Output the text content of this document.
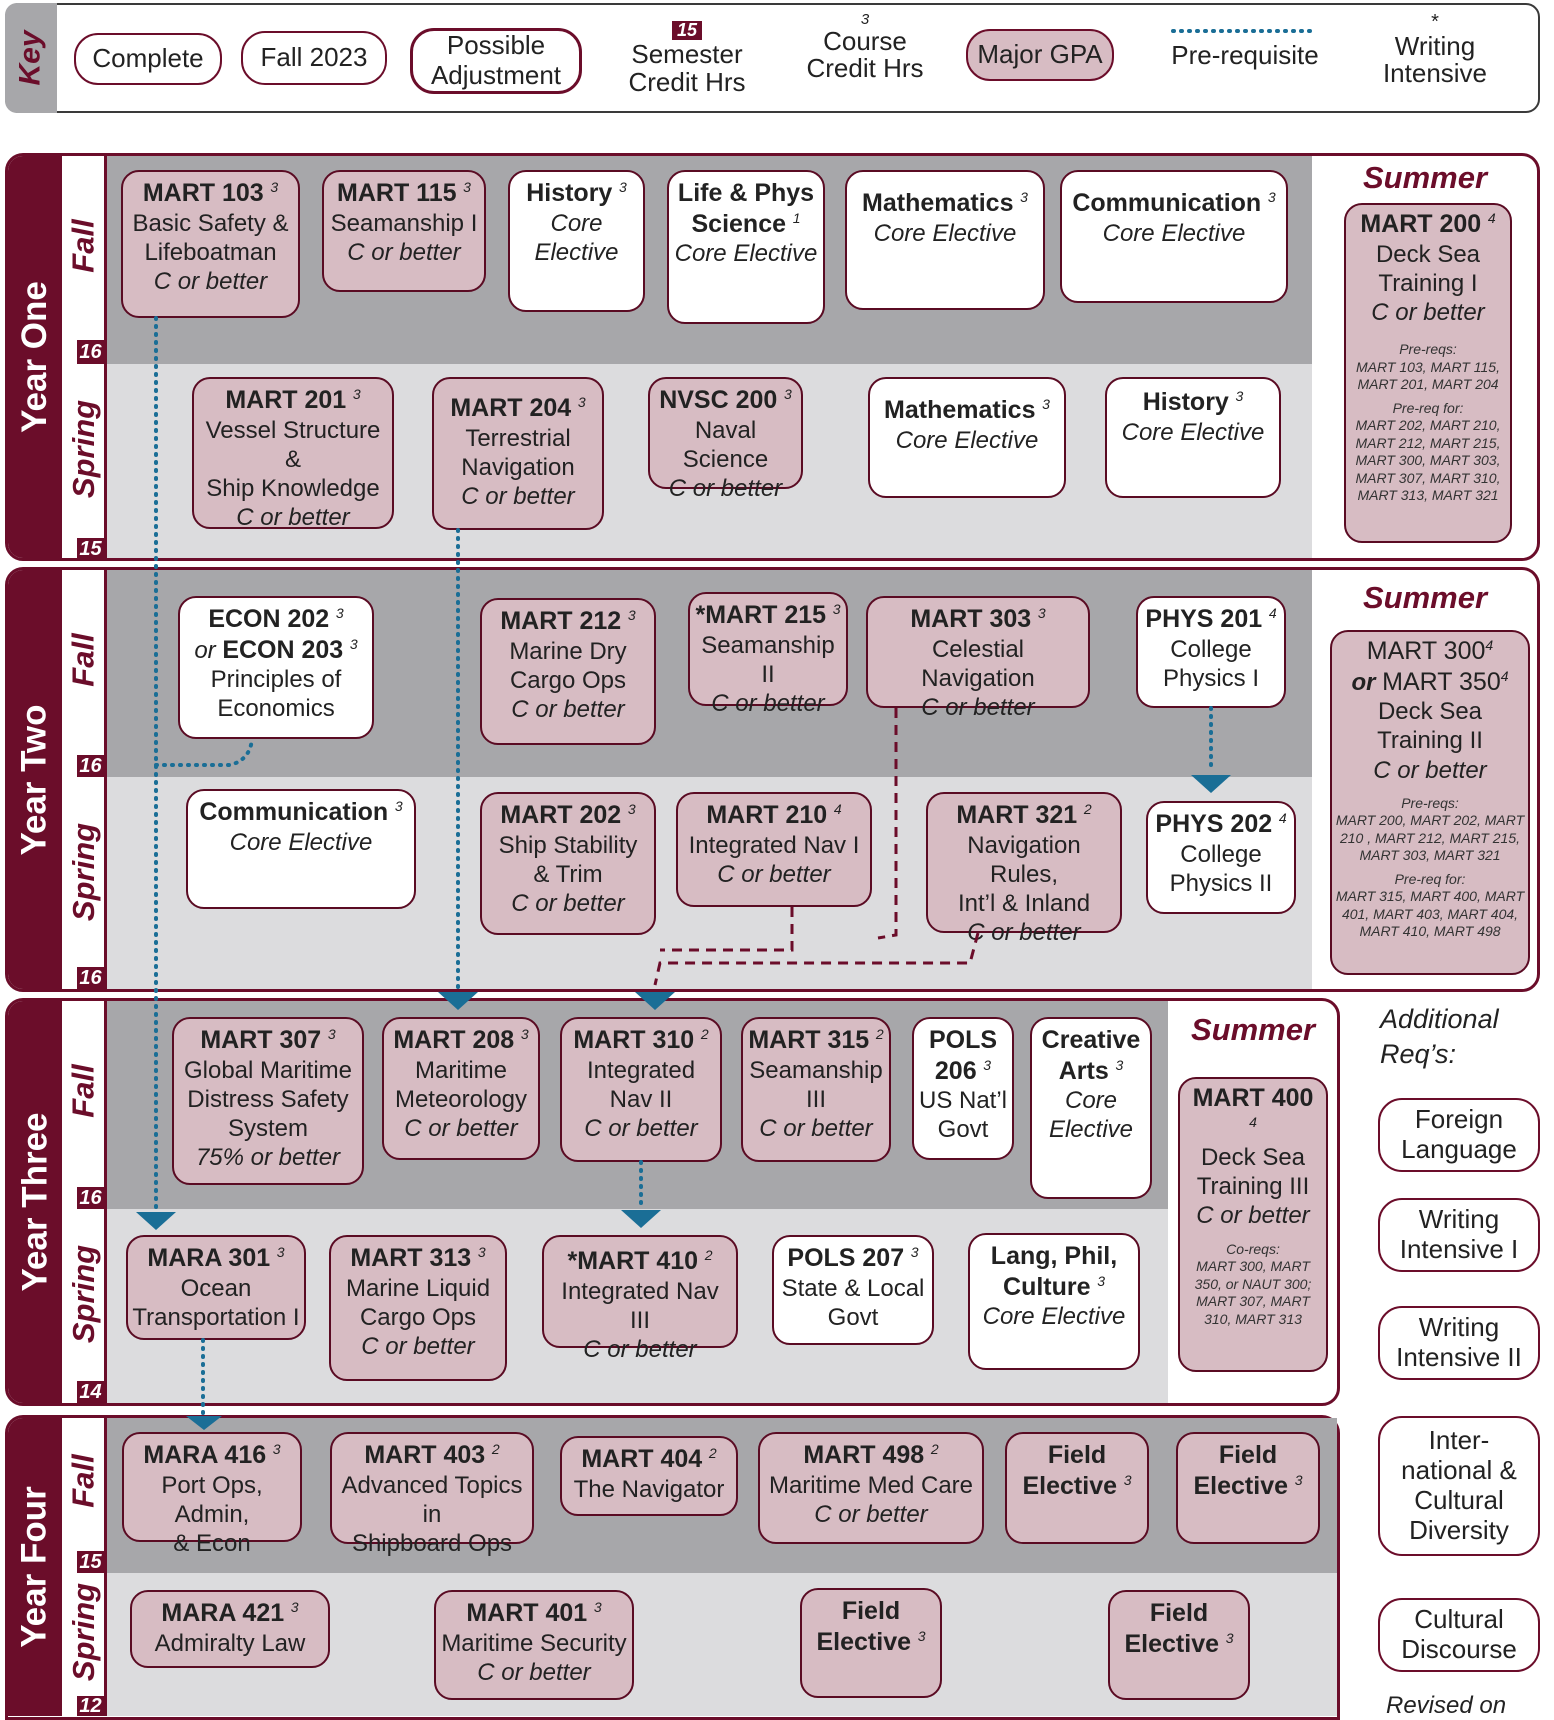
Key	Complete	Fall 2023	Possible Adjustment
15
Semester Credit Hrs
3
Course Credit Hrs	Major GPA	Pre-requisite
*
Writing Intensive
Year One
Fall
16
Spring
15
MART 103 $^3$
Basic Safety &
Lifeboatman
C or better
MART 115 $^3$
Seamanship I
C or better
History $^3$
Core
Elective
Life & Phys
Science $^1$
Core Elective
Mathematics $^3$
Core Elective
Communication $^3$
Core Elective
MART 201 $^3$
Vessel Structure &
Ship Knowledge
C or better
MART 204 $^3$
Terrestrial
Navigation
C or better
NVSC 200 $^3$
Naval Science
C or better
Mathematics $^3$
Core Elective
History $^3$
Core Elective
Summer
MART 200 $^4$
Deck Sea
Training I
C or better
Pre-reqs:
MART 103, MART 115, MART 201, MART 204
Pre-req for:
MART 202, MART 210, MART 212, MART 215, MART 300, MART 303, MART 307, MART 310, MART 313, MART 321
Year Two
Fall
16
Spring
16
ECON 202 $^3$
or ECON 203 $^3$
Principles of
Economics
MART 212 $^3$
Marine Dry
Cargo Ops
C or better
*MART 215 $^3$
Seamanship II
C or better
MART 303 $^3$
Celestial Navigation
C or better
PHYS 201 $^4$
College
Physics I
Communication $^3$
Core Elective
MART 202 $^3$
Ship Stability
& Trim
C or better
MART 210 $^4$
Integrated Nav I
C or better
MART 321 $^2$
Navigation Rules,
Int’l & Inland
C or better
PHYS 202 $^4$
College
Physics II
Summer
MART $300^4$
or MART $350^4$
Deck Sea
Training II
C or better
Pre-reqs:
MART 200, MART 202, MART 210 , MART 212, MART 215, MART 303, MART 321
Pre-req for:
MART 315, MART 400, MART 401, MART 403, MART 404, MART 410, MART 498
Year Three
Fall
16
Spring
14
MART 307 $^3$
Global Maritime
Distress Safety
System
75% or better
MART 208 $^3$
Maritime
Meteorology
C or better
MART 310 $^2$
Integrated
Nav II
C or better
MART 315 $^2$
Seamanship
III
C or better
POLS
206 $^3$
US Nat’l
Govt
Creative
Arts $^3$
Core
Elective
MARA 301 $^3$
Ocean
Transportation I
MART 313 $^3$
Marine Liquid
Cargo Ops
C or better
*MART 410 $^2$
Integrated Nav III
C or better
POLS 207 $^3$
State & Local
Govt
Lang, Phil,
Culture $^3$
Core Elective
Summer
MART 400
$^4$
Deck Sea
Training III
C or better
Co-reqs:
MART 300, MART 350, or NAUT 300; MART 307, MART 310, MART 313
Year Four
Fall
15
Spring
12
MARA 416 $^3$
Port Ops, Admin,
& Econ
MART 403 $^2$
Advanced Topics in
Shipboard Ops
MART 404 $^2$
The Navigator
MART 498 $^2$
Maritime Med Care
C or better
Field
Elective $^3$
Field
Elective $^3$
MARA 421 $^3$
Admiralty Law
MART 401 $^3$
Maritime Security
C or better
Field
Elective $^3$
Field
Elective $^3$
Additional
Req’s:
Foreign Language
Writing Intensive I
Writing Intensive II
Inter- national & Cultural Diversity
Cultural Discourse
Revised on
